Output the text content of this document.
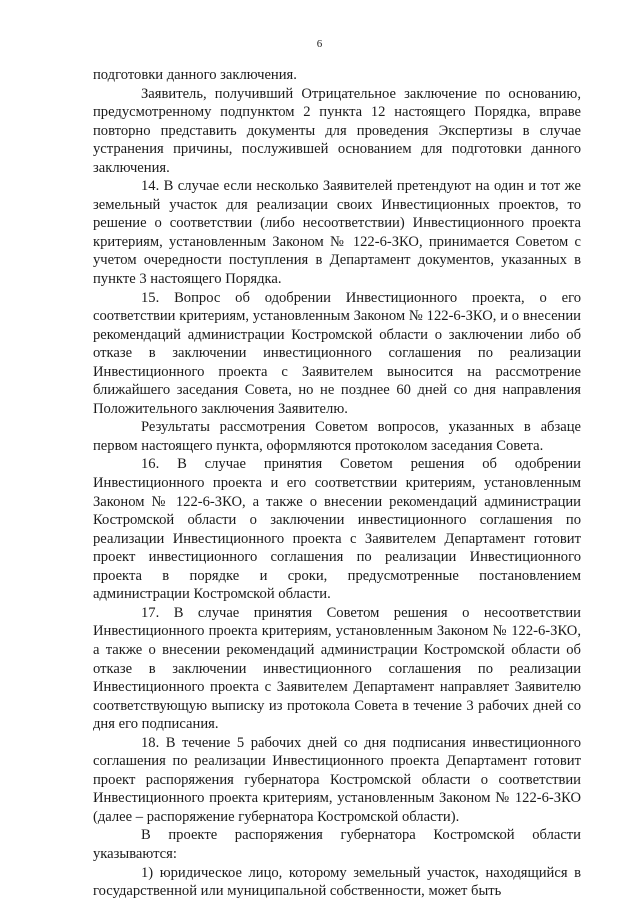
6

подготовки данного заключения.

Заявитель, получивший Отрицательное заключение по основанию, предусмотренному подпунктом 2 пункта 12 настоящего Порядка, вправе повторно представить документы для проведения Экспертизы в случае устранения причины, послужившей основанием для подготовки данного заключения.

14. В случае если несколько Заявителей претендуют на один и тот же земельный участок для реализации своих Инвестиционных проектов, то решение о соответствии (либо несоответствии) Инвестиционного проекта критериям, установленным Законом № 122-6-ЗКО, принимается Советом с учетом очередности поступления в Департамент документов, указанных в пункте 3 настоящего Порядка.

15. Вопрос об одобрении Инвестиционного проекта, о его соответствии критериям, установленным Законом № 122-6-ЗКО, и о внесении рекомендаций администрации Костромской области о заключении либо об отказе в заключении инвестиционного соглашения по реализации Инвестиционного проекта с Заявителем выносится на рассмотрение ближайшего заседания Совета, но не позднее 60 дней со дня направления Положительного заключения Заявителю.

Результаты рассмотрения Советом вопросов, указанных в абзаце первом настоящего пункта, оформляются протоколом заседания Совета.

16. В случае принятия Советом решения об одобрении Инвестиционного проекта и его соответствии критериям, установленным Законом № 122-6-ЗКО, а также о внесении рекомендаций администрации Костромской области о заключении инвестиционного соглашения по реализации Инвестиционного проекта с Заявителем Департамент готовит проект инвестиционного соглашения по реализации Инвестиционного проекта в порядке и сроки, предусмотренные постановлением администрации Костромской области.

17. В случае принятия Советом решения о несоответствии Инвестиционного проекта критериям, установленным Законом № 122-6-ЗКО, а также о внесении рекомендаций администрации Костромской области об отказе в заключении инвестиционного соглашения по реализации Инвестиционного проекта с Заявителем Департамент направляет Заявителю соответствующую выписку из протокола Совета в течение 3 рабочих дней со дня его подписания.

18. В течение 5 рабочих дней со дня подписания инвестиционного соглашения по реализации Инвестиционного проекта Департамент готовит проект распоряжения губернатора Костромской области о соответствии Инвестиционного проекта критериям, установленным Законом № 122-6-ЗКО (далее – распоряжение губернатора Костромской области).

В проекте распоряжения губернатора Костромской области указываются:

1) юридическое лицо, которому земельный участок, находящийся в государственной или муниципальной собственности, может быть
